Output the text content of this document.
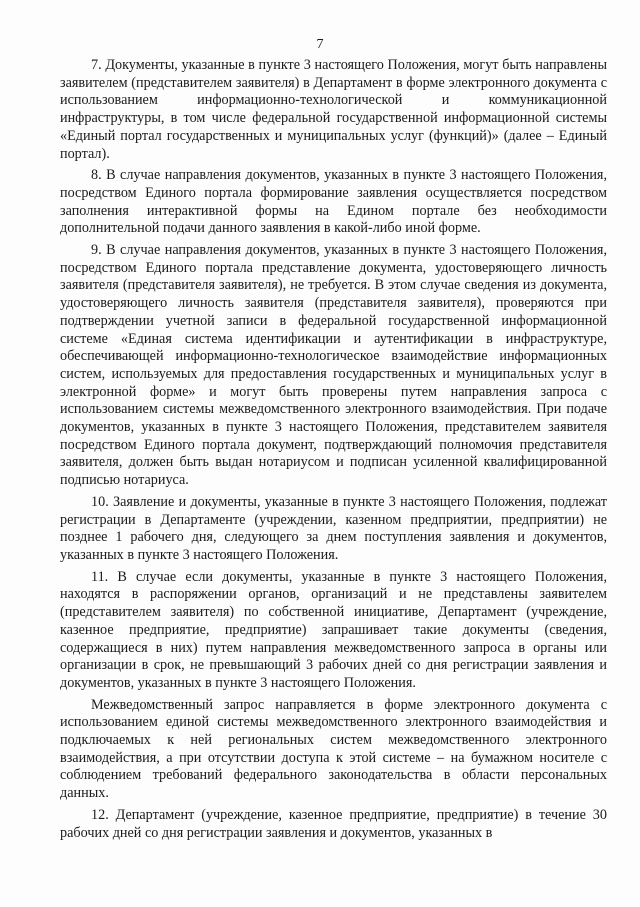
7

7. Документы, указанные в пункте 3 настоящего Положения, могут быть направлены заявителем (представителем заявителя) в Департамент в форме электронного документа с использованием информационно-технологической и коммуникационной инфраструктуры, в том числе федеральной государственной информационной системы «Единый портал государственных и муниципальных услуг (функций)» (далее – Единый портал).

8. В случае направления документов, указанных в пункте 3 настоящего Положения, посредством Единого портала формирование заявления осуществляется посредством заполнения интерактивной формы на Едином портале без необходимости дополнительной подачи данного заявления в какой-либо иной форме.

9. В случае направления документов, указанных в пункте 3 настоящего Положения, посредством Единого портала представление документа, удостоверяющего личность заявителя (представителя заявителя), не требуется. В этом случае сведения из документа, удостоверяющего личность заявителя (представителя заявителя), проверяются при подтверждении учетной записи в федеральной государственной информационной системе «Единая система идентификации и аутентификации в инфраструктуре, обеспечивающей информационно-технологическое взаимодействие информационных систем, используемых для предоставления государственных и муниципальных услуг в электронной форме» и могут быть проверены путем направления запроса с использованием системы межведомственного электронного взаимодействия. При подаче документов, указанных в пункте 3 настоящего Положения, представителем заявителя посредством Единого портала документ, подтверждающий полномочия представителя заявителя, должен быть выдан нотариусом и подписан усиленной квалифицированной подписью нотариуса.

10. Заявление и документы, указанные в пункте 3 настоящего Положения, подлежат регистрации в Департаменте (учреждении, казенном предприятии, предприятии) не позднее 1 рабочего дня, следующего за днем поступления заявления и документов, указанных в пункте 3 настоящего Положения.

11. В случае если документы, указанные в пункте 3 настоящего Положения, находятся в распоряжении органов, организаций и не представлены заявителем (представителем заявителя) по собственной инициативе, Департамент (учреждение, казенное предприятие, предприятие) запрашивает такие документы (сведения, содержащиеся в них) путем направления межведомственного запроса в органы или организации в срок, не превышающий 3 рабочих дней со дня регистрации заявления и документов, указанных в пункте 3 настоящего Положения.

Межведомственный запрос направляется в форме электронного документа с использованием единой системы межведомственного электронного взаимодействия и подключаемых к ней региональных систем межведомственного электронного взаимодействия, а при отсутствии доступа к этой системе – на бумажном носителе с соблюдением требований федерального законодательства в области персональных данных.

12. Департамент (учреждение, казенное предприятие, предприятие) в течение 30 рабочих дней со дня регистрации заявления и документов, указанных в
